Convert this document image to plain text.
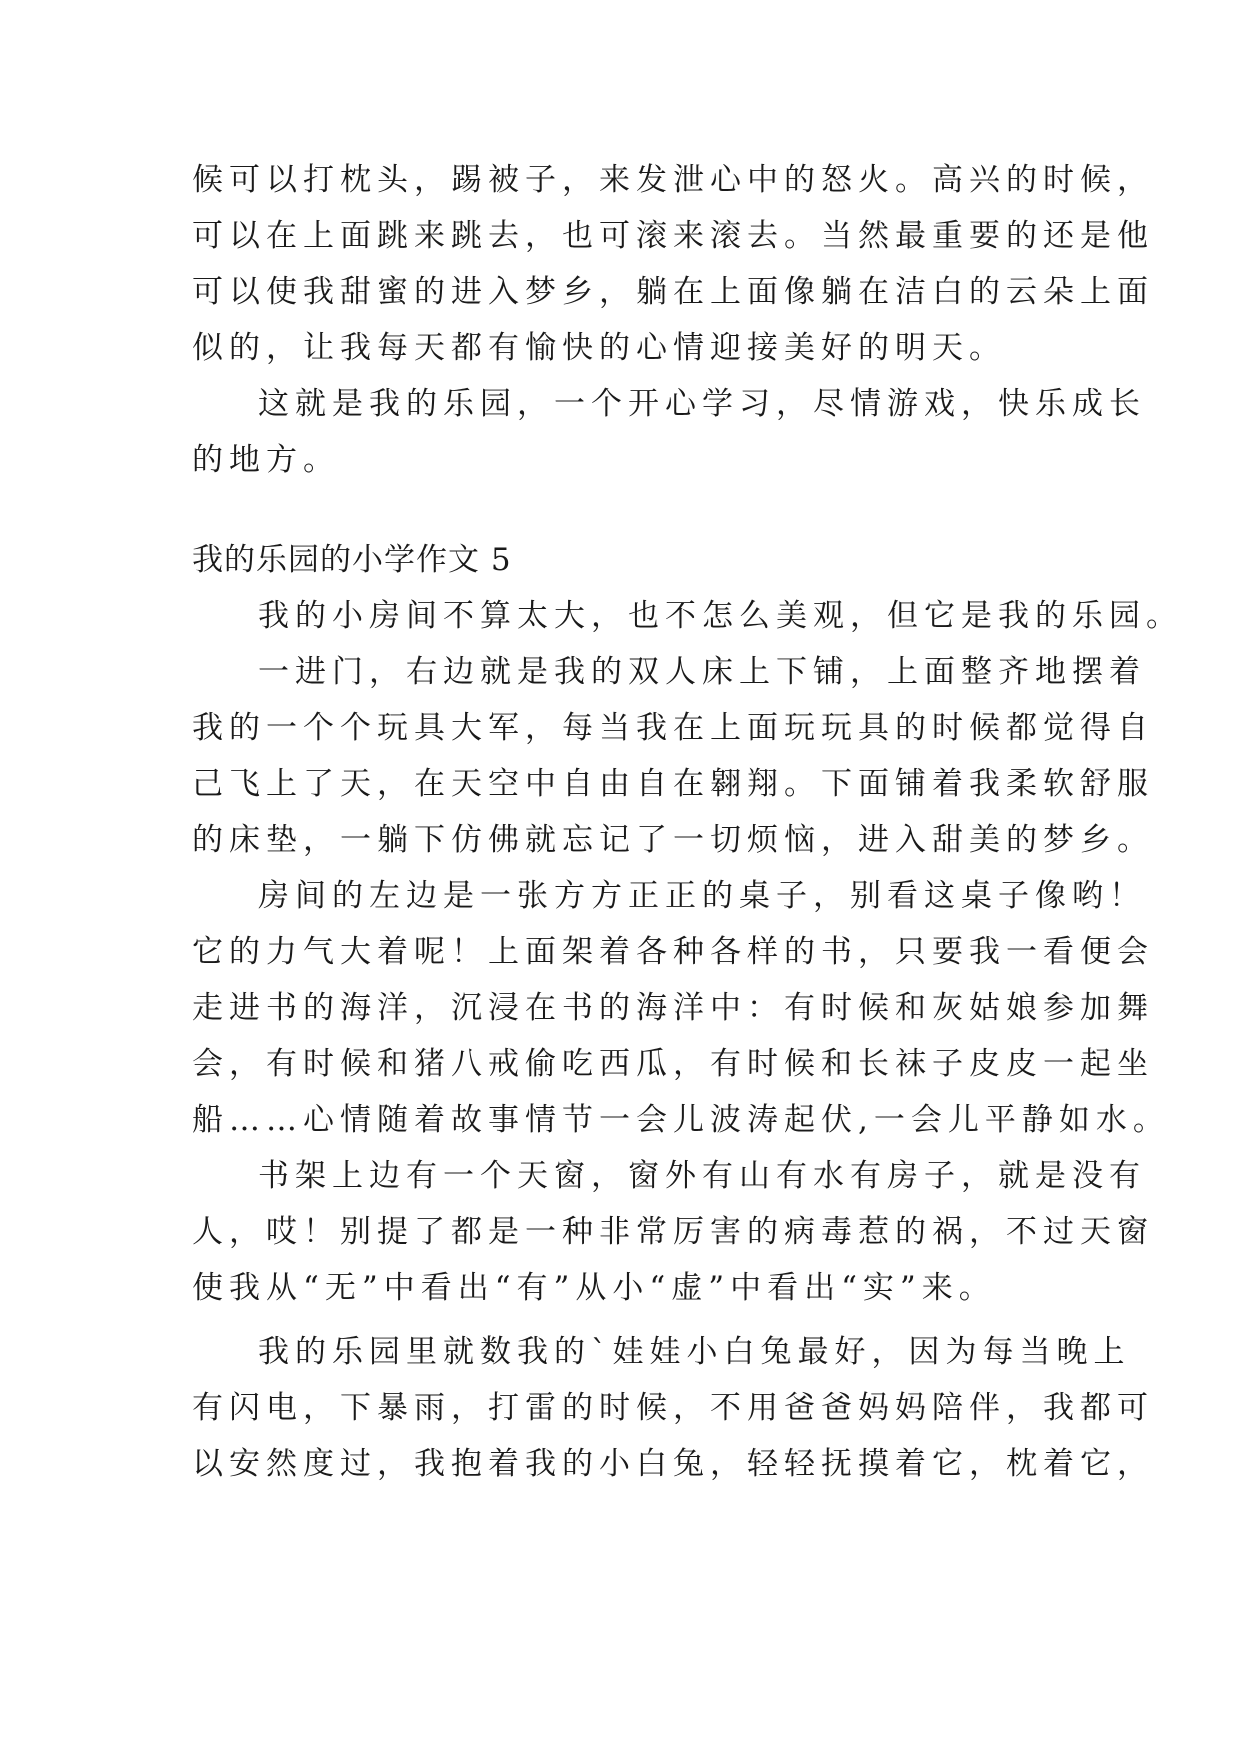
候可以打枕头，踢被子，来发泄心中的怒火。高兴的时候，
可以在上面跳来跳去，也可滚来滚去。当然最重要的还是他
可以使我甜蜜的进入梦乡，躺在上面像躺在洁白的云朵上面
似的，让我每天都有愉快的心情迎接美好的明天。
这就是我的乐园，一个开心学习，尽情游戏，快乐成长
的地方。
我的乐园的小学作文 5
我的小房间不算太大，也不怎么美观，但它是我的乐园。
一进门，右边就是我的双人床上下铺，上面整齐地摆着
我的一个个玩具大军，每当我在上面玩玩具的时候都觉得自
己飞上了天，在天空中自由自在翱翔。下面铺着我柔软舒服
的床垫，一躺下仿佛就忘记了一切烦恼，进入甜美的梦乡。
房间的左边是一张方方正正的桌子，别看这桌子像哟！
它的力气大着呢！上面架着各种各样的书，只要我一看便会
走进书的海洋，沉浸在书的海洋中：有时候和灰姑娘参加舞
会，有时候和猪八戒偷吃西瓜，有时候和长袜子皮皮一起坐
船……心情随着故事情节一会儿波涛起伏,一会儿平静如水。
书架上边有一个天窗，窗外有山有水有房子，就是没有
人，哎！别提了都是一种非常厉害的病毒惹的祸，不过天窗
使我从“无”中看出“有”从小“虚”中看出“实”来。
我的乐园里就数我的`娃娃小白兔最好，因为每当晚上
有闪电，下暴雨，打雷的时候，不用爸爸妈妈陪伴，我都可
以安然度过，我抱着我的小白兔，轻轻抚摸着它，枕着它，
